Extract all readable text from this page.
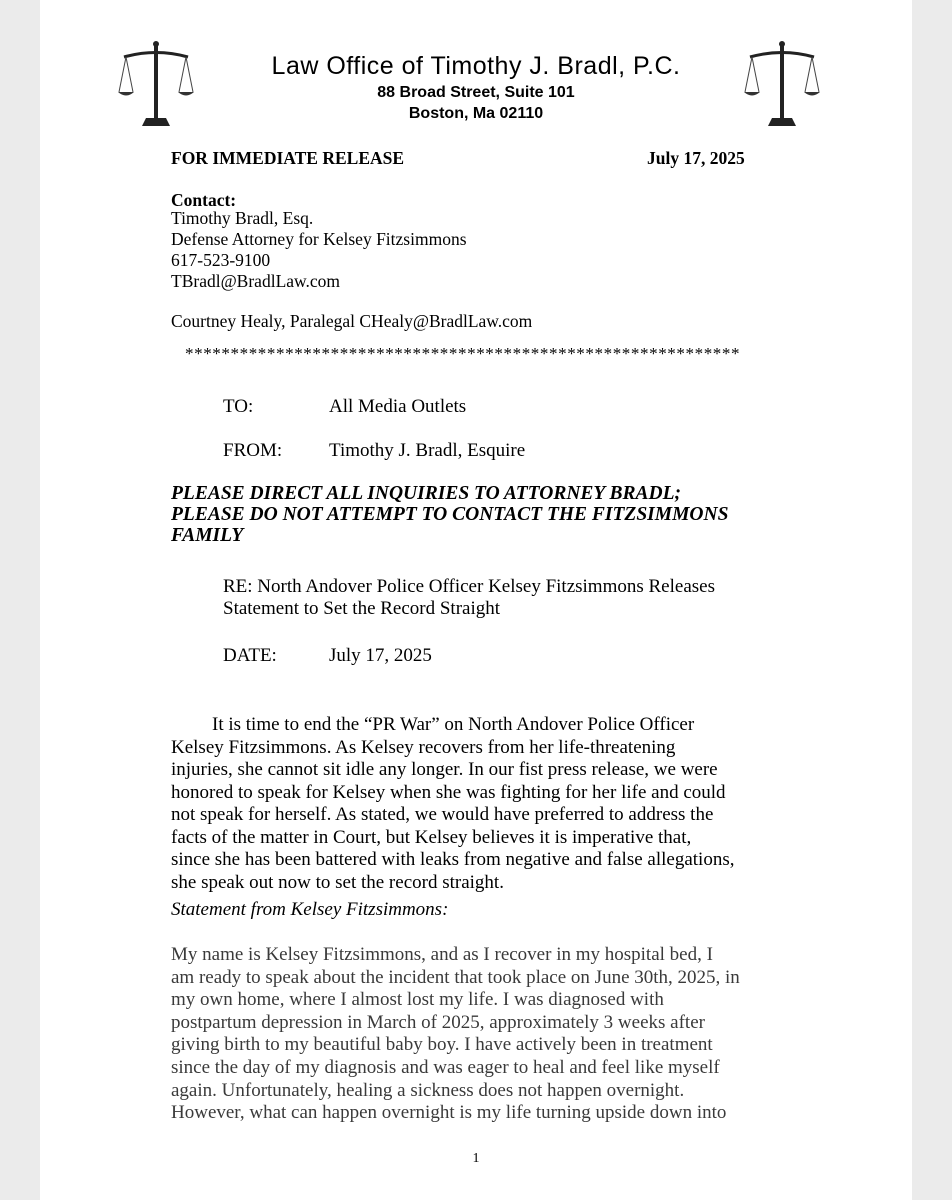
Law Office of Timothy J. Bradl, P.C.
88 Broad Street, Suite 101
Boston, Ma 02110
FOR IMMEDIATE RELEASE	July 17, 2025
Contact:
Timothy Bradl, Esq.
Defense Attorney for Kelsey Fitzsimmons
617-523-9100
TBradl@BradlLaw.com
Courtney Healy, Paralegal CHealy@BradlLaw.com
*************************************************************
TO:	All Media Outlets
FROM: Timothy J. Bradl, Esquire
PLEASE DIRECT ALL INQUIRIES TO ATTORNEY BRADL;
PLEASE DO NOT ATTEMPT TO CONTACT THE FITZSIMMONS
FAMILY
RE: North Andover Police Officer Kelsey Fitzsimmons Releases
Statement to Set the Record Straight
DATE:	July 17, 2025
It is time to end the “PR War” on North Andover Police Officer
Kelsey Fitzsimmons. As Kelsey recovers from her life-threatening
injuries, she cannot sit idle any longer. In our fist press release, we were
honored to speak for Kelsey when she was fighting for her life and could
not speak for herself. As stated, we would have preferred to address the
facts of the matter in Court, but Kelsey believes it is imperative that,
since she has been battered with leaks from negative and false allegations,
she speak out now to set the record straight.
Statement from Kelsey Fitzsimmons:
My name is Kelsey Fitzsimmons, and as I recover in my hospital bed, I
am ready to speak about the incident that took place on June 30th, 2025, in
my own home, where I almost lost my life. I was diagnosed with
postpartum depression in March of 2025, approximately 3 weeks after
giving birth to my beautiful baby boy. I have actively been in treatment
since the day of my diagnosis and was eager to heal and feel like myself
again. Unfortunately, healing a sickness does not happen overnight.
However, what can happen overnight is my life turning upside down into
1
